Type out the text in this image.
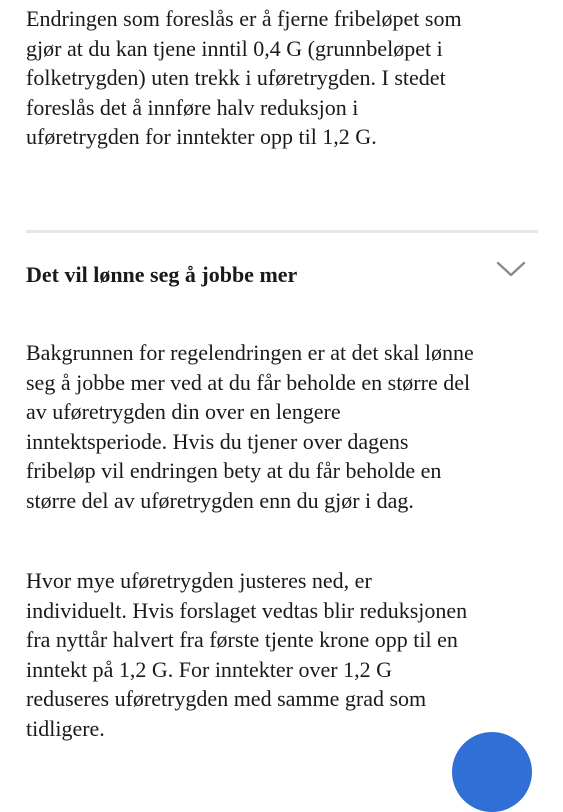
Endringen som foreslås er å fjerne fribeløpet som
gjør at du kan tjene inntil 0,4 G (grunnbeløpet i
folketrygden) uten trekk i uføretrygden. I stedet
foreslås det å innføre halv reduksjon i
uføretrygden for inntekter opp til 1,2 G.
Det vil lønne seg å jobbe mer
Bakgrunnen for regelendringen er at det skal lønne
seg å jobbe mer ved at du får beholde en større del
av uføretrygden din over en lengere
inntektsperiode. Hvis du tjener over dagens
fribeløp vil endringen bety at du får beholde en
større del av uføretrygden enn du gjør i dag.
Hvor mye uføretrygden justeres ned, er
individuelt. Hvis forslaget vedtas blir reduksjonen
fra nyttår halvert fra første tjente krone opp til en
inntekt på 1,2 G. For inntekter over 1,2 G
reduseres uføretrygden med samme grad som
tidligere.
